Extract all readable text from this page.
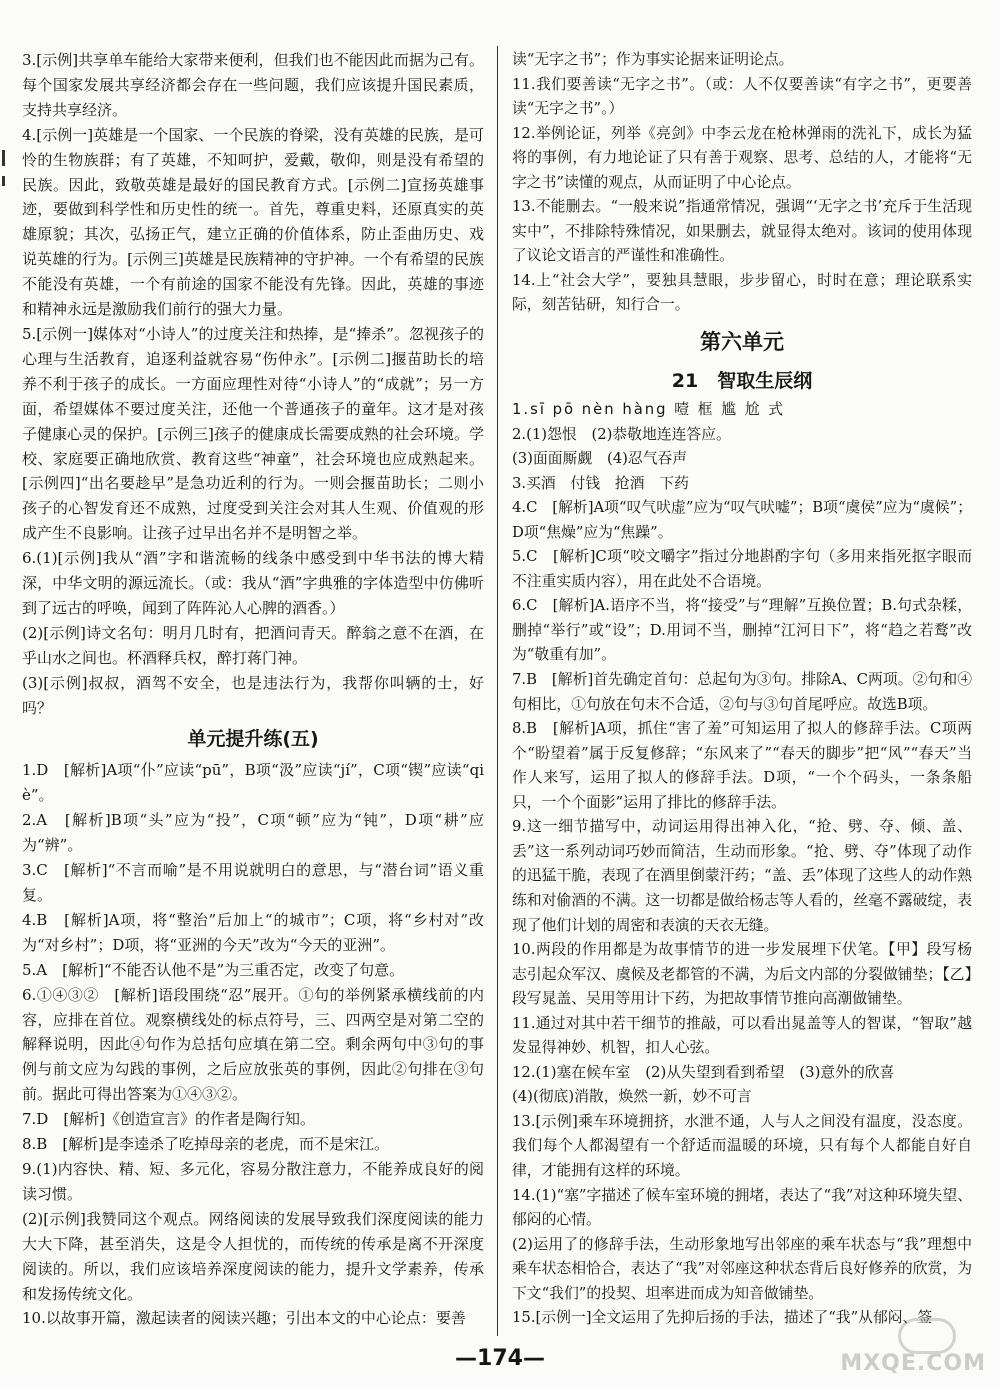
3.[示例]共享单车能给大家带来便利，但我们也不能因此而据为己有。每个国家发展共享经济都会存在一些问题，我们应该提升国民素质，支持共享经济。

4.[示例一]英雄是一个国家、一个民族的脊梁，没有英雄的民族，是可怜的生物族群；有了英雄，不知呵护，爱戴，敬仰，则是没有希望的民族。因此，致敬英雄是最好的国民教育方式。[示例二]宣扬英雄事迹，要做到科学性和历史性的统一。首先，尊重史料，还原真实的英雄原貌；其次，弘扬正气，建立正确的价值体系，防止歪曲历史、戏说英雄的行为。[示例三]英雄是民族精神的守护神。一个有希望的民族不能没有英雄，一个有前途的国家不能没有先锋。因此，英雄的事迹和精神永远是激励我们前行的强大力量。

5.[示例一]媒体对“小诗人”的过度关注和热捧，是“捧杀”。忽视孩子的心理与生活教育，追逐利益就容易“伤仲永”。[示例二]揠苗助长的培养不利于孩子的成长。一方面应理性对待“小诗人”的“成就”；另一方面，希望媒体不要过度关注，还他一个普通孩子的童年。这才是对孩子健康心灵的保护。[示例三]孩子的健康成长需要成熟的社会环境。学校、家庭要正确地欣赏、教育这些“神童”，社会环境也应成熟起来。[示例四]“出名要趁早”是急功近利的行为。一则会揠苗助长；二则小孩子的心智发育还不成熟，过度受到关注会对其人生观、价值观的形成产生不良影响。让孩子过早出名并不是明智之举。

6.(1)[示例]我从“酒”字和谐流畅的线条中感受到中华书法的博大精深，中华文明的源远流长。（或：我从“酒”字典雅的字体造型中仿佛听到了远古的呼唤，闻到了阵阵沁人心脾的酒香。）

(2)[示例]诗文名句：明月几时有，把酒问青天。醉翁之意不在酒，在乎山水之间也。杯酒释兵权，醉打蒋门神。

(3)[示例]叔叔，酒驾不安全，也是违法行为，我帮你叫辆的士，好吗？

单元提升练(五)

1.D　[解析]A项“仆”应读“pū”，B项“汲”应读“jí”，C项“锲”应读“qiè”。

2.A　[解析]B项“头”应为“投”，C项“顿”应为“钝”，D项“耕”应为“辨”。

3.C　[解析]“不言而喻”是不用说就明白的意思，与“潜台词”语义重复。

4.B　[解析]A项，将“整治”后加上“的城市”；C项，将“乡村对”改为“对乡村”；D项，将“亚洲的今天”改为“今天的亚洲”。

5.A　[解析]“不能否认他不是”为三重否定，改变了句意。

6.①④③②　[解析]语段围绕“忍”展开。①句的举例紧承横线前的内容，应排在首位。观察横线处的标点符号，三、四两空是对第二空的解释说明，因此④句作为总括句应填在第二空。剩余两句中③句的事例与前文应为勾践的事例，之后应放张英的事例，因此②句排在③句前。据此可得出答案为①④③②。

7.D　[解析]《创造宣言》的作者是陶行知。

8.B　[解析]是李逵杀了吃掉母亲的老虎，而不是宋江。

9.(1)内容快、精、短、多元化，容易分散注意力，不能养成良好的阅读习惯。

(2)[示例]我赞同这个观点。网络阅读的发展导致我们深度阅读的能力大大下降，甚至消失，这是令人担忧的，而传统的传承是离不开深度阅读的。所以，我们应该培养深度阅读的能力，提升文学素养，传承和发扬传统文化。

10.以故事开篇，激起读者的阅读兴趣；引出本文的中心论点：要善

读“无字之书”；作为事实论据来证明论点。

11.我们要善读“无字之书”。（或：人不仅要善读“有字之书”，更要善读“无字之书”。）

12.举例论证，列举《亮剑》中李云龙在枪林弹雨的洗礼下，成长为猛将的事例，有力地论证了只有善于观察、思考、总结的人，才能将“无字之书”读懂的观点，从而证明了中心论点。

13.不能删去。“一般来说”指通常情况，强调“‘无字之书’充斥于生活现实中”，不排除特殊情况，如果删去，就显得太绝对。该词的使用体现了议论文语言的严谨性和准确性。

14.上“社会大学”，要独具慧眼，步步留心，时时在意；理论联系实际，刻苦钻研，知行合一。

第六单元

21　智取生辰纲

1.sī pō nèn hàng 噎 框 尴 尬 式

2.(1)怨恨　(2)恭敬地连连答应。

(3)面面厮觑　(4)忍气吞声

3.买酒　付钱　抢酒　下药

4.C　[解析]A项“叹气吠虚”应为“叹气吠嘘”；B项“虞侯”应为“虞候”；D项“焦燥”应为“焦躁”。

5.C　[解析]C项“咬文嚼字”指过分地斟酌字句（多用来指死抠字眼而不注重实质内容），用在此处不合语境。

6.C　[解析]A.语序不当，将“接受”与“理解”互换位置；B.句式杂糅，删掉“举行”或“设”；D.用词不当，删掉“江河日下”，将“趋之若鹜”改为“敬重有加”。

7.B　[解析]首先确定首句：总起句为③句。排除A、C两项。②句和④句相比，①句放在句末不合适，②句与③句首尾呼应。故选B项。

8.B　[解析]A项，抓住“害了羞”可知运用了拟人的修辞手法。C项两个“盼望着”属于反复修辞；“东风来了”“春天的脚步”把“风”“春天”当作人来写，运用了拟人的修辞手法。D项，“一个个码头，一条条船只，一个个面影”运用了排比的修辞手法。

9.这一细节描写中，动词运用得出神入化，“抢、劈、夺、倾、盖、丢”这一系列动词巧妙而简洁，生动而形象。“抢、劈、夺”体现了动作的迅猛干脆，表现了在酒里倒蒙汗药；“盖、丢”体现了这些人的动作熟练和对偷酒的不满。这一切都是做给杨志等人看的，丝毫不露破绽，表现了他们计划的周密和表演的天衣无缝。

10.两段的作用都是为故事情节的进一步发展埋下伏笔。【甲】段写杨志引起众军汉、虞候及老都管的不满，为后文内部的分裂做铺垫；【乙】段写晁盖、吴用等用计下药，为把故事情节推向高潮做铺垫。

11.通过对其中若干细节的推敲，可以看出晁盖等人的智谋，“智取”越发显得神妙、机智，扣人心弦。

12.(1)塞在候车室　(2)从失望到看到希望　(3)意外的欣喜

(4)(彻底)消散，焕然一新，妙不可言

13.[示例]乘车环境拥挤，水泄不通，人与人之间没有温度，没态度。我们每个人都渴望有一个舒适而温暖的环境，只有每个人都能自好自律，才能拥有这样的环境。

14.(1)“塞”字描述了候车室环境的拥堵，表达了“我”对这种环境失望、郁闷的心情。

(2)运用了的修辞手法，生动形象地写出邻座的乘车状态与“我”理想中乘车状态相恰合，表达了“我”对邻座这种状态背后良好修养的欣赏，为下文“我们”的投契、坦率进而成为知音做铺垫。

15.[示例一]全文运用了先抑后扬的手法，描述了“我”从郁闷、签

—174—	MXQE.COM
